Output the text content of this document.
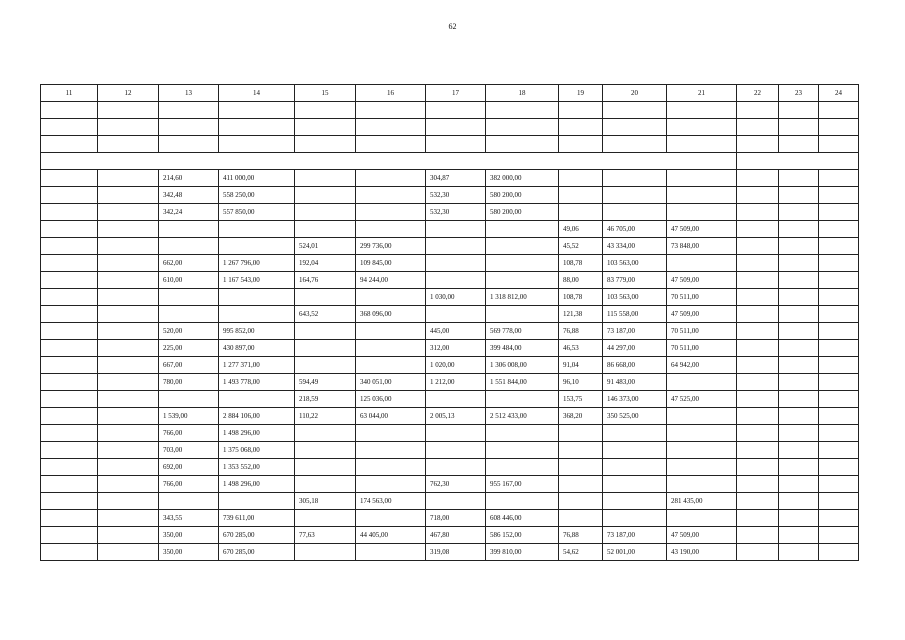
62
11	12	13	14	15	16	17	18	19	20	21	22	23	24

		214,60	411 000,00			304,87	382 000,00						
		342,48	558 250,00			532,30	580 200,00						
		342,24	557 850,00			532,30	580 200,00						
								49,06	46 705,00	47 509,00			
				524,01	299 736,00			45,52	43 334,00	73 848,00			
		662,00	1 267 796,00	192,04	109 845,00			108,78	103 563,00				
		610,00	1 167 543,00	164,76	94 244,00			88,00	83 779,00	47 509,00			
						1 030,00	1 318 812,00	108,78	103 563,00	70 511,00			
				643,52	368 096,00			121,38	115 558,00	47 509,00			
		520,00	995 852,00			445,00	569 778,00	76,88	73 187,00	70 511,00			
		225,00	430 897,00			312,00	399 484,00	46,53	44 297,00	70 511,00			
		667,00	1 277 371,00			1 020,00	1 306 008,00	91,04	86 668,00	64 942,00			
		780,00	1 493 778,00	594,49	340 051,00	1 212,00	1 551 844,00	96,10	91 483,00				
				218,59	125 036,00			153,75	146 373,00	47 525,00			
		1 539,00	2 884 106,00	110,22	63 044,00	2 005,13	2 512 433,00	368,20	350 525,00				
		766,00	1 498 296,00										
		703,00	1 375 068,00										
		692,00	1 353 552,00										
		766,00	1 498 296,00			762,30	955 167,00						
				305,18	174 563,00					281 435,00			
		343,55	739 611,00			718,00	608 446,00						
		350,00	670 285,00	77,63	44 405,00	467,80	586 152,00	76,88	73 187,00	47 509,00			
		350,00	670 285,00			319,08	399 810,00	54,62	52 001,00	43 190,00			
